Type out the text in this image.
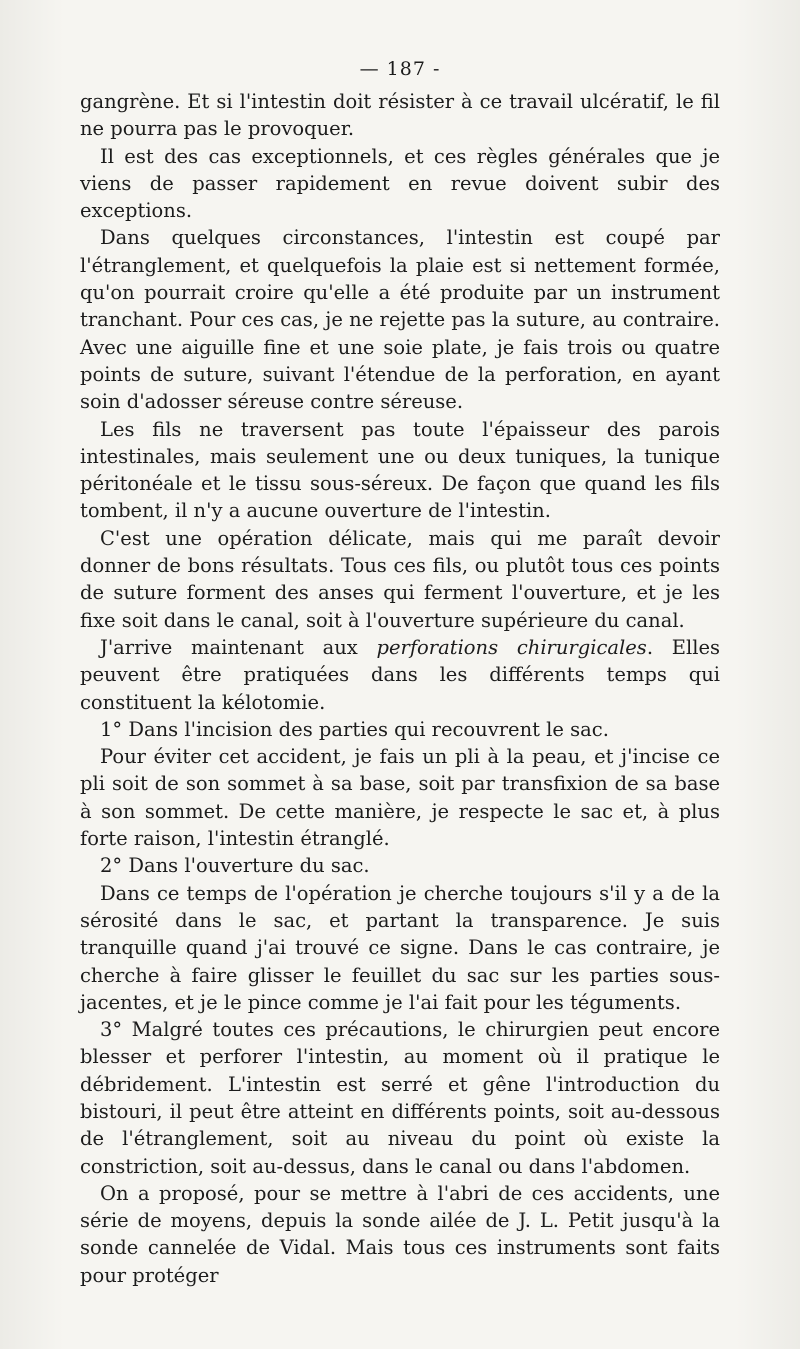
— 187 -

gangrène. Et si l'intestin doit résister à ce travail ulcératif, le fil ne pourra pas le provoquer.

Il est des cas exceptionnels, et ces règles générales que je viens de passer rapidement en revue doivent subir des exceptions.

Dans quelques circonstances, l'intestin est coupé par l'étranglement, et quelquefois la plaie est si nettement formée, qu'on pourrait croire qu'elle a été produite par un instrument tranchant. Pour ces cas, je ne rejette pas la suture, au contraire. Avec une aiguille fine et une soie plate, je fais trois ou quatre points de suture, suivant l'étendue de la perforation, en ayant soin d'adosser séreuse contre séreuse.

Les fils ne traversent pas toute l'épaisseur des parois intestinales, mais seulement une ou deux tuniques, la tunique péritonéale et le tissu sous-séreux. De façon que quand les fils tombent, il n'y a aucune ouverture de l'intestin.

C'est une opération délicate, mais qui me paraît devoir donner de bons résultats. Tous ces fils, ou plutôt tous ces points de suture forment des anses qui ferment l'ouverture, et je les fixe soit dans le canal, soit à l'ouverture supérieure du canal.

J'arrive maintenant aux perforations chirurgicales. Elles peuvent être pratiquées dans les différents temps qui constituent la kélotomie.

1° Dans l'incision des parties qui recouvrent le sac.

Pour éviter cet accident, je fais un pli à la peau, et j'incise ce pli soit de son sommet à sa base, soit par transfixion de sa base à son sommet. De cette manière, je respecte le sac et, à plus forte raison, l'intestin étranglé.

2° Dans l'ouverture du sac.

Dans ce temps de l'opération je cherche toujours s'il y a de la sérosité dans le sac, et partant la transparence. Je suis tranquille quand j'ai trouvé ce signe. Dans le cas contraire, je cherche à faire glisser le feuillet du sac sur les parties sous-jacentes, et je le pince comme je l'ai fait pour les téguments.

3° Malgré toutes ces précautions, le chirurgien peut encore blesser et perforer l'intestin, au moment où il pratique le débridement. L'intestin est serré et gêne l'introduction du bistouri, il peut être atteint en différents points, soit au-dessous de l'étranglement, soit au niveau du point où existe la constriction, soit au-dessus, dans le canal ou dans l'abdomen.

On a proposé, pour se mettre à l'abri de ces accidents, une série de moyens, depuis la sonde ailée de J. L. Petit jusqu'à la sonde cannelée de Vidal. Mais tous ces instruments sont faits pour protéger
